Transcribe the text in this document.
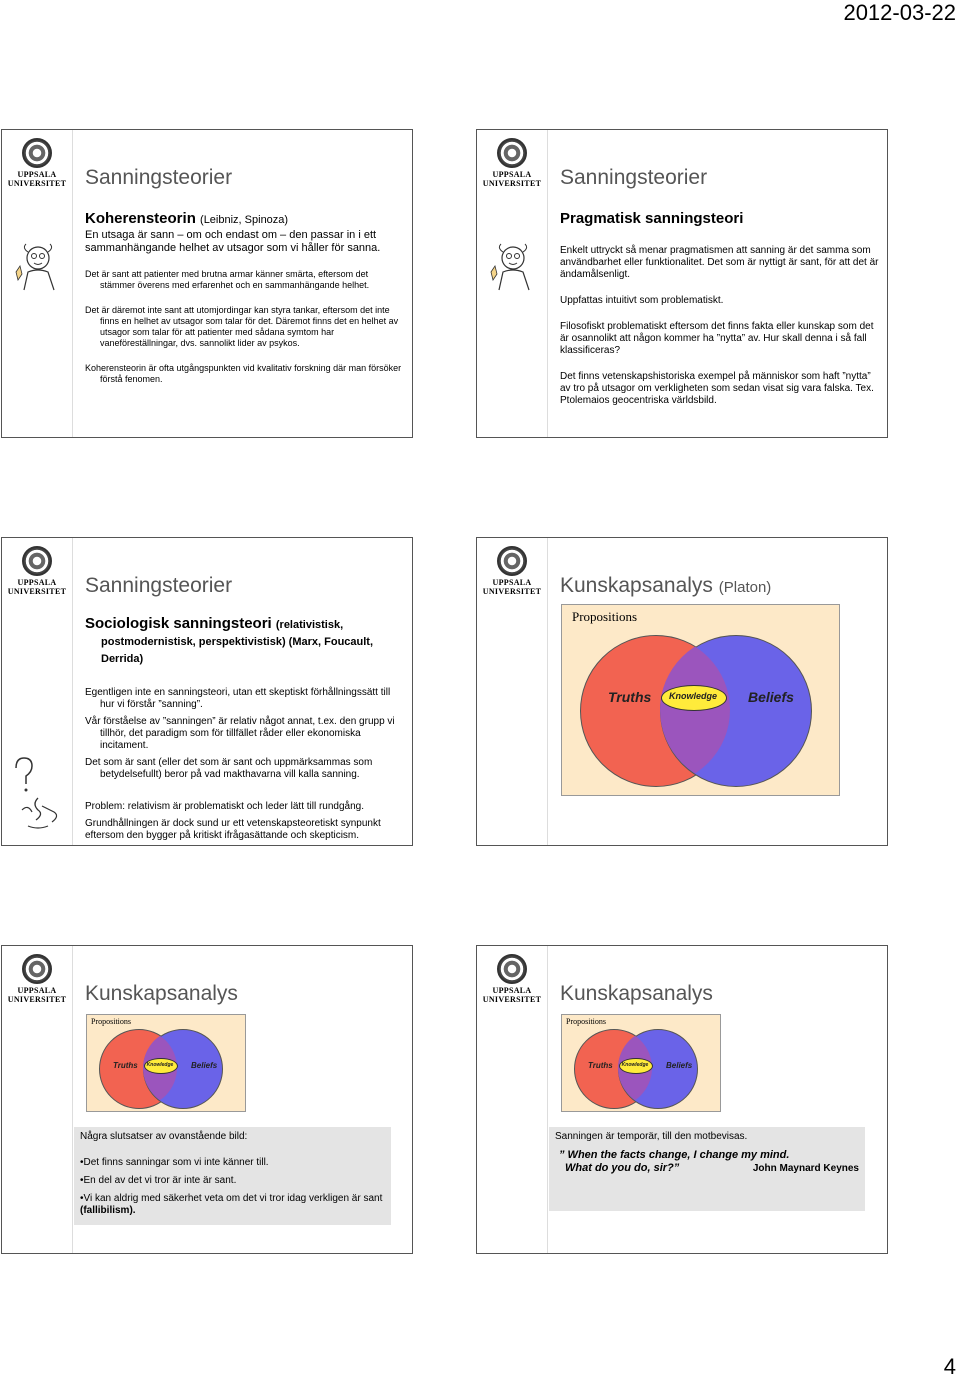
2012-03-22
UPPSALA
UNIVERSITET Sanningsteorier
Koherensteorin (Leibniz, Spinoza)

En utsaga är sann – om och endast om – den passar in i ett sammanhängande helhet av utsagor som vi håller för sanna.

Det är sant att patienter med brutna armar känner smärta, eftersom det stämmer överens med erfarenhet och en sammanhängande helhet.

Det är däremot inte sant att utomjordingar kan styra tankar, eftersom det inte finns en helhet av utsagor som talar för det. Däremot finns det en helhet av utsagor som talar för att patienter med sådana symtom har vaneföreställningar, dvs. sannolikt lider av psykos.

Koherensteorin är ofta utgångspunkten vid kvalitativ forskning där man försöker förstå fenomen.

UPPSALA
UNIVERSITET Sanningsteorier
Pragmatisk sanningsteori

Enkelt uttryckt så menar pragmatismen att sanning är det samma som användbarhet eller funktionalitet. Det som är nyttigt är sant, för att det är ändamålsenligt.

Uppfattas intuitivt som problematiskt.

Filosofiskt problematiskt eftersom det finns fakta eller kunskap som det är osannolikt att någon kommer ha ”nytta” av. Hur skall denna i så fall klassificeras?

Det finns vetenskapshistoriska exempel på människor som haft ”nytta” av tro på utsagor om verkligheten som sedan visat sig vara falska. Tex. Ptolemaios geocentriska världsbild.

UPPSALA
UNIVERSITET Sanningsteorier
Sociologisk sanningsteori (relativistisk, postmodernistisk, perspektivistisk) (Marx, Foucault, Derrida)

Egentligen inte en sanningsteori, utan ett skeptiskt förhållningssätt till hur vi förstår ”sanning”.

Vår förståelse av ”sanningen” är relativ något annat, t.ex. den grupp vi tillhör, det paradigm som för tillfället råder eller ekonomiska incitament.

Det som är sant (eller det som är sant och uppmärksammas som betydelsefullt) beror på vad makthavarna vill kalla sanning.

Problem: relativism är problematiskt och leder lätt till rundgång.

Grundhållningen är dock sund ur ett vetenskapsteoretiskt synpunkt eftersom den bygger på kritiskt ifrågasättande och skepticism.

UPPSALA
UNIVERSITET Kunskapsanalys (Platon)
Propositions
Knowledge
Truths	Beliefs
UPPSALA
UNIVERSITET Kunskapsanalys
Propositions
Knowledge
Truths	Beliefs

Några slutsatser av ovanstående bild:

•Det finns sanningar som vi inte känner till.

•En del av det vi tror är inte är sant.

•Vi kan aldrig med säkerhet veta om det vi tror idag verkligen är sant (fallibilism).

UPPSALA
UNIVERSITET Kunskapsanalys
Propositions
Knowledge
Truths	Beliefs

Sanningen är temporär, till den motbevisas.

” When the facts change, I change my mind.
What do you do, sir?”	John Maynard Keynes
4
